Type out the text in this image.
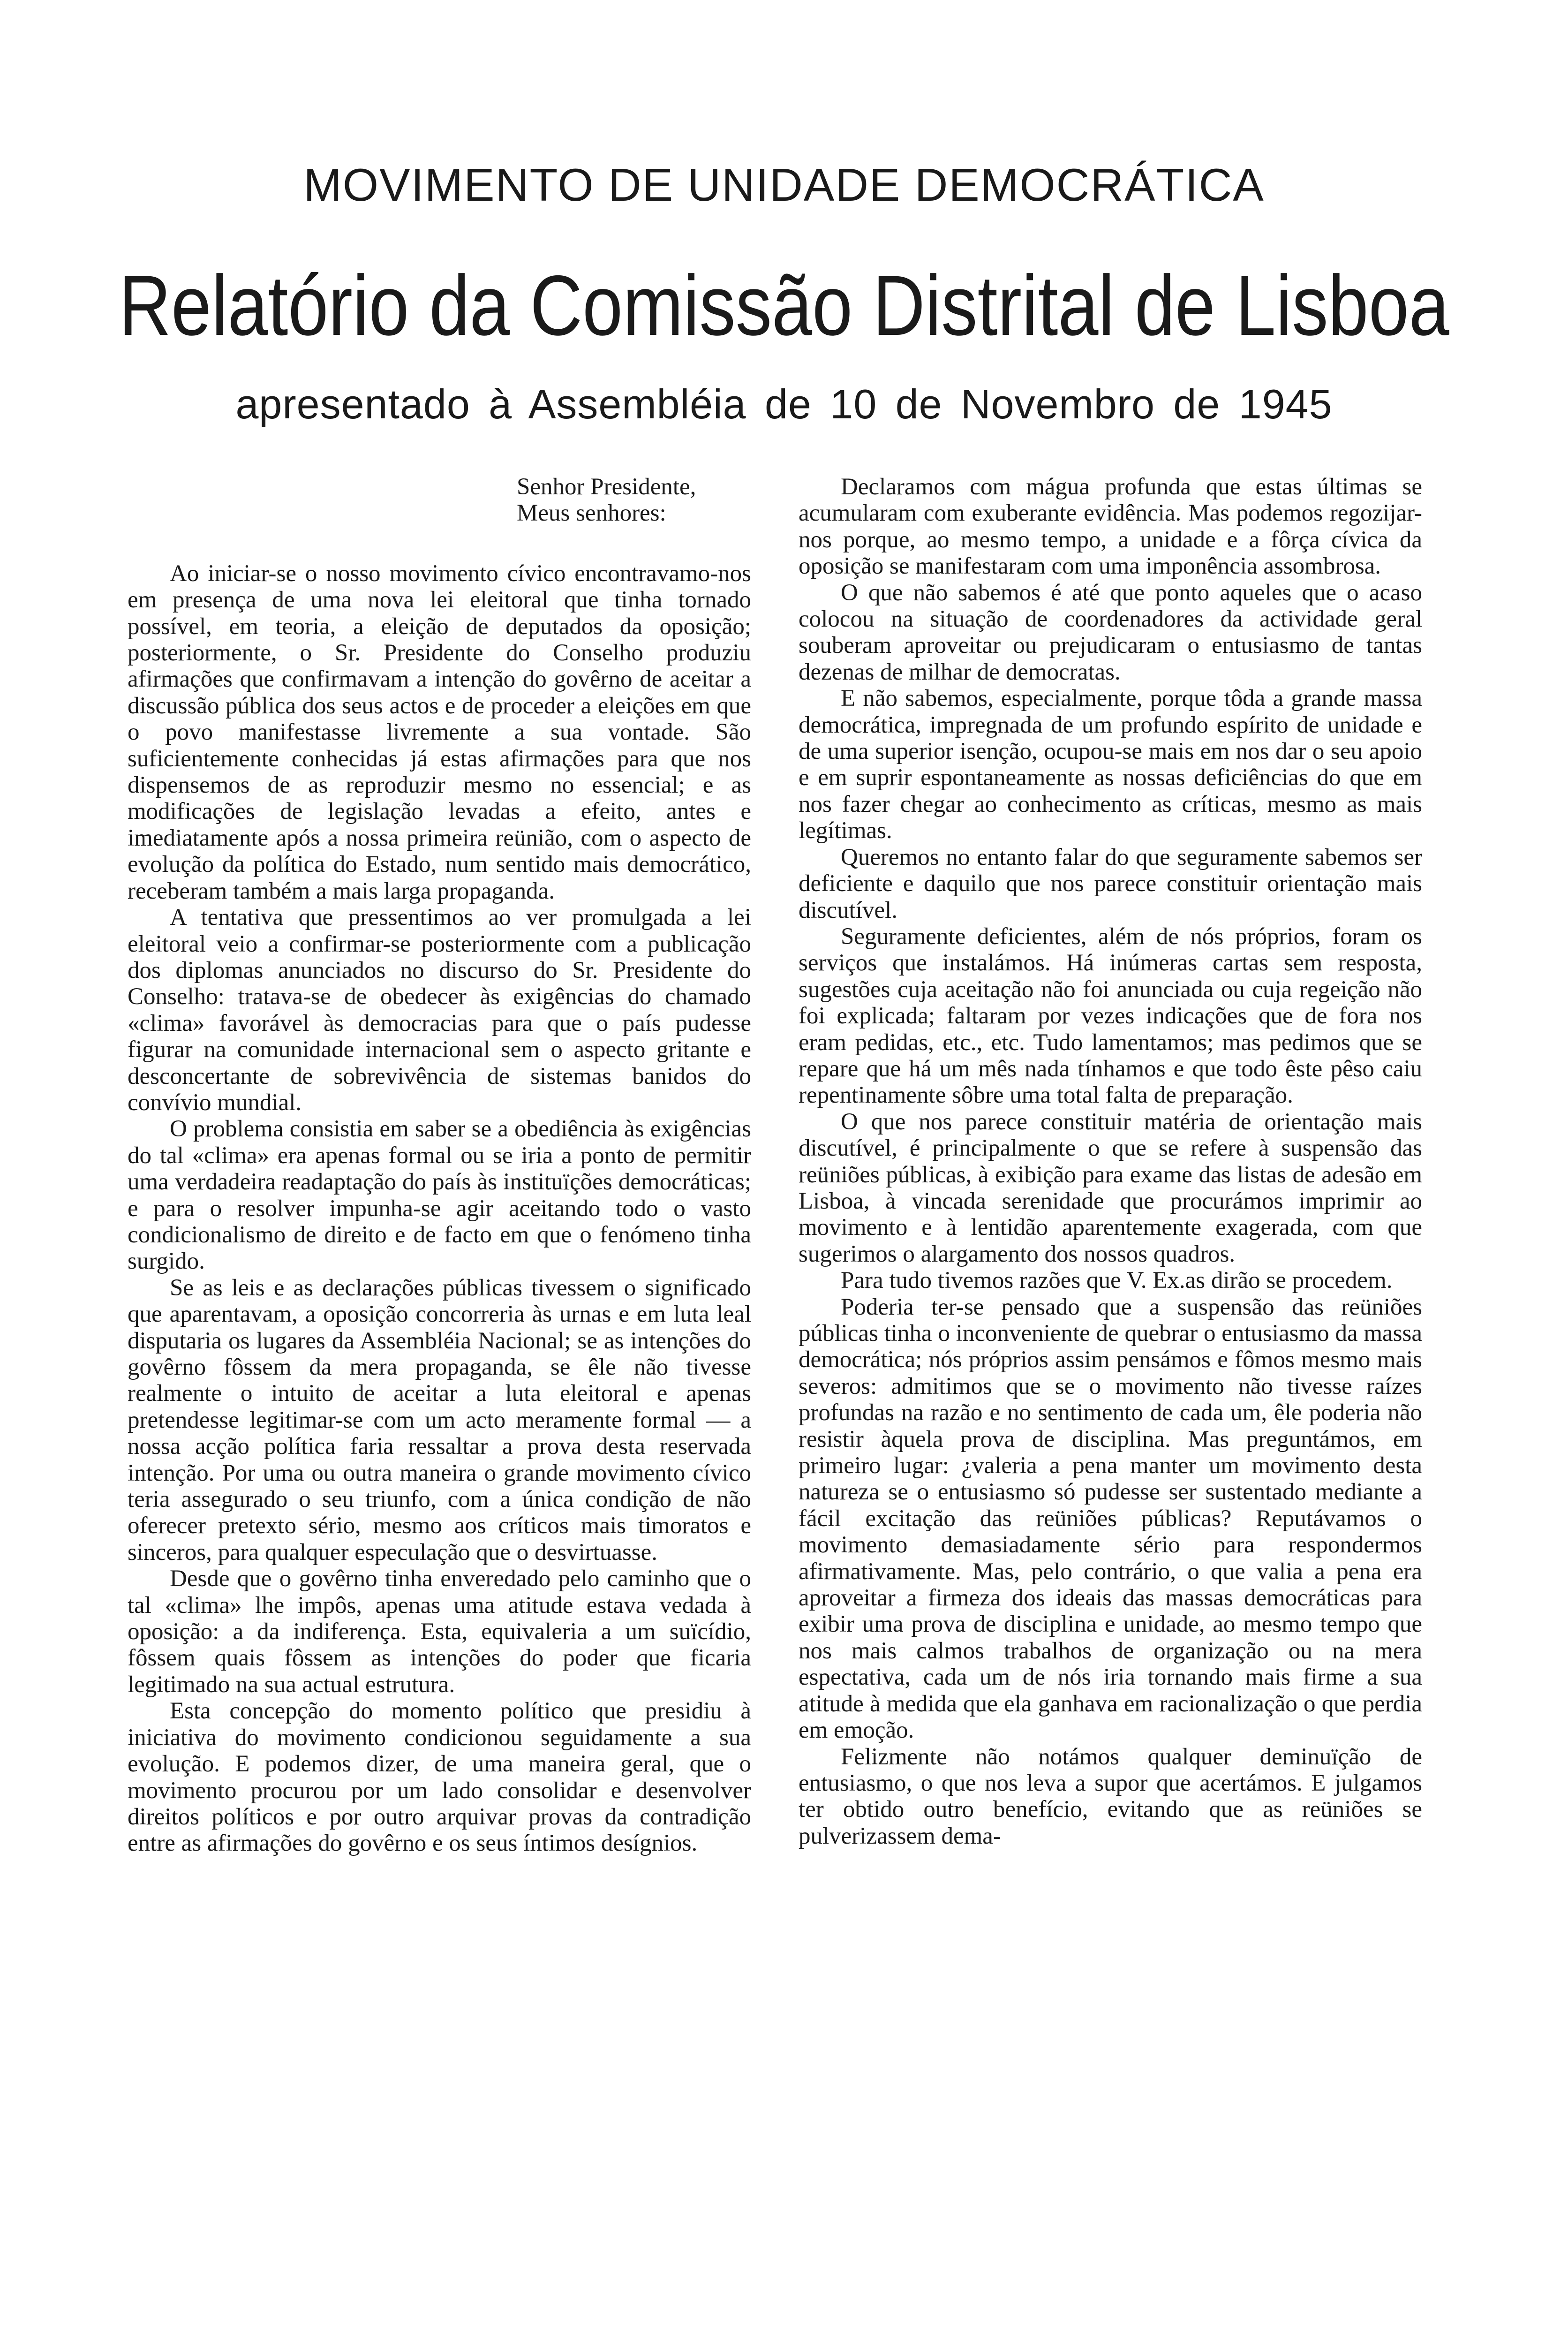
MOVIMENTO DE UNIDADE DEMOCRÁTICA
Relatório da Comissão Distrital de Lisboa
apresentado à Assembléia de 10 de Novembro de 1945
Senhor Presidente,
Meus senhores:

Ao iniciar-se o nosso movimento cívico encontravamo-nos em presença de uma nova lei eleitoral que tinha tornado possível, em teoria, a eleição de deputados da oposição; posteriormente, o Sr. Presidente do Conselho produziu afirmações que confirmavam a intenção do govêrno de aceitar a discussão pública dos seus actos e de proceder a eleições em que o povo manifestasse livremente a sua vontade. São suficientemente conhecidas já estas afirmações para que nos dispensemos de as reproduzir mesmo no essencial; e as modificações de legislação levadas a efeito, antes e imediatamente após a nossa primeira reünião, com o aspecto de evolução da política do Estado, num sentido mais democrático, receberam também a mais larga propaganda.

A tentativa que pressentimos ao ver promulgada a lei eleitoral veio a confirmar-se posteriormente com a publicação dos diplomas anunciados no discurso do Sr. Presidente do Conselho: tratava-se de obedecer às exigências do chamado «clima» favorável às democracias para que o país pudesse figurar na comunidade internacional sem o aspecto gritante e desconcertante de sobrevivência de sistemas banidos do convívio mundial.

O problema consistia em saber se a obediência às exigências do tal «clima» era apenas formal ou se iria a ponto de permitir uma verdadeira readaptação do país às instituïções democráticas; e para o resolver impunha-se agir aceitando todo o vasto condicionalismo de direito e de facto em que o fenómeno tinha surgido.

Se as leis e as declarações públicas tivessem o significado que aparentavam, a oposição concorreria às urnas e em luta leal disputaria os lugares da Assembléia Nacional; se as intenções do govêrno fôssem da mera propaganda, se êle não tivesse realmente o intuito de aceitar a luta eleitoral e apenas pretendesse legitimar-se com um acto meramente formal — a nossa acção política faria ressaltar a prova desta reservada intenção. Por uma ou outra maneira o grande movimento cívico teria assegurado o seu triunfo, com a única condição de não oferecer pretexto sério, mesmo aos críticos mais timoratos e sinceros, para qualquer especulação que o desvirtuasse.

Desde que o govêrno tinha enveredado pelo caminho que o tal «clima» lhe impôs, apenas uma atitude estava vedada à oposição: a da indiferença. Esta, equivaleria a um suïcídio, fôssem quais fôssem as intenções do poder que ficaria legitimado na sua actual estrutura.

Esta concepção do momento político que presidiu à iniciativa do movimento condicionou seguidamente a sua evolução. E podemos dizer, de uma maneira geral, que o movimento procurou por um lado consolidar e desenvolver direitos políticos e por outro arquivar provas da contradição entre as afirmações do govêrno e os seus íntimos desígnios.

Declaramos com mágua profunda que estas últimas se acumularam com exuberante evidência. Mas podemos regozijar-nos porque, ao mesmo tempo, a unidade e a fôrça cívica da oposição se manifestaram com uma imponência assombrosa.

O que não sabemos é até que ponto aqueles que o acaso colocou na situação de coordenadores da actividade geral souberam aproveitar ou prejudicaram o entusiasmo de tantas dezenas de milhar de democratas.

E não sabemos, especialmente, porque tôda a grande massa democrática, impregnada de um profundo espírito de unidade e de uma superior isenção, ocupou-se mais em nos dar o seu apoio e em suprir espontaneamente as nossas deficiências do que em nos fazer chegar ao conhecimento as críticas, mesmo as mais legítimas.

Queremos no entanto falar do que seguramente sabemos ser deficiente e daquilo que nos parece constituir orientação mais discutível.

Seguramente deficientes, além de nós próprios, foram os serviços que instalámos. Há inúmeras cartas sem resposta, sugestões cuja aceitação não foi anunciada ou cuja regeição não foi explicada; faltaram por vezes indicações que de fora nos eram pedidas, etc., etc. Tudo lamentamos; mas pedimos que se repare que há um mês nada tínhamos e que todo êste pêso caiu repentinamente sôbre uma total falta de preparação.

O que nos parece constituir matéria de orientação mais discutível, é principalmente o que se refere à suspensão das reüniões públicas, à exibição para exame das listas de adesão em Lisboa, à vincada serenidade que procurámos imprimir ao movimento e à lentidão aparentemente exagerada, com que sugerimos o alargamento dos nossos quadros.

Para tudo tivemos razões que V. Ex.as dirão se procedem.

Poderia ter-se pensado que a suspensão das reüniões públicas tinha o inconveniente de quebrar o entusiasmo da massa democrática; nós próprios assim pensámos e fômos mesmo mais severos: admitimos que se o movimento não tivesse raízes profundas na razão e no sentimento de cada um, êle poderia não resistir àquela prova de disciplina. Mas preguntámos, em primeiro lugar: ¿valeria a pena manter um movimento desta natureza se o entusiasmo só pudesse ser sustentado mediante a fácil excitação das reüniões públicas? Reputávamos o movimento demasiadamente sério para respondermos afirmativamente. Mas, pelo contrário, o que valia a pena era aproveitar a firmeza dos ideais das massas democráticas para exibir uma prova de disciplina e unidade, ao mesmo tempo que nos mais calmos trabalhos de organização ou na mera espectativa, cada um de nós iria tornando mais firme a sua atitude à medida que ela ganhava em racionalização o que perdia em emoção.

Felizmente não notámos qualquer deminuïção de entusiasmo, o que nos leva a supor que acertámos. E julgamos ter obtido outro benefício, evitando que as reüniões se pulverizassem dema-
